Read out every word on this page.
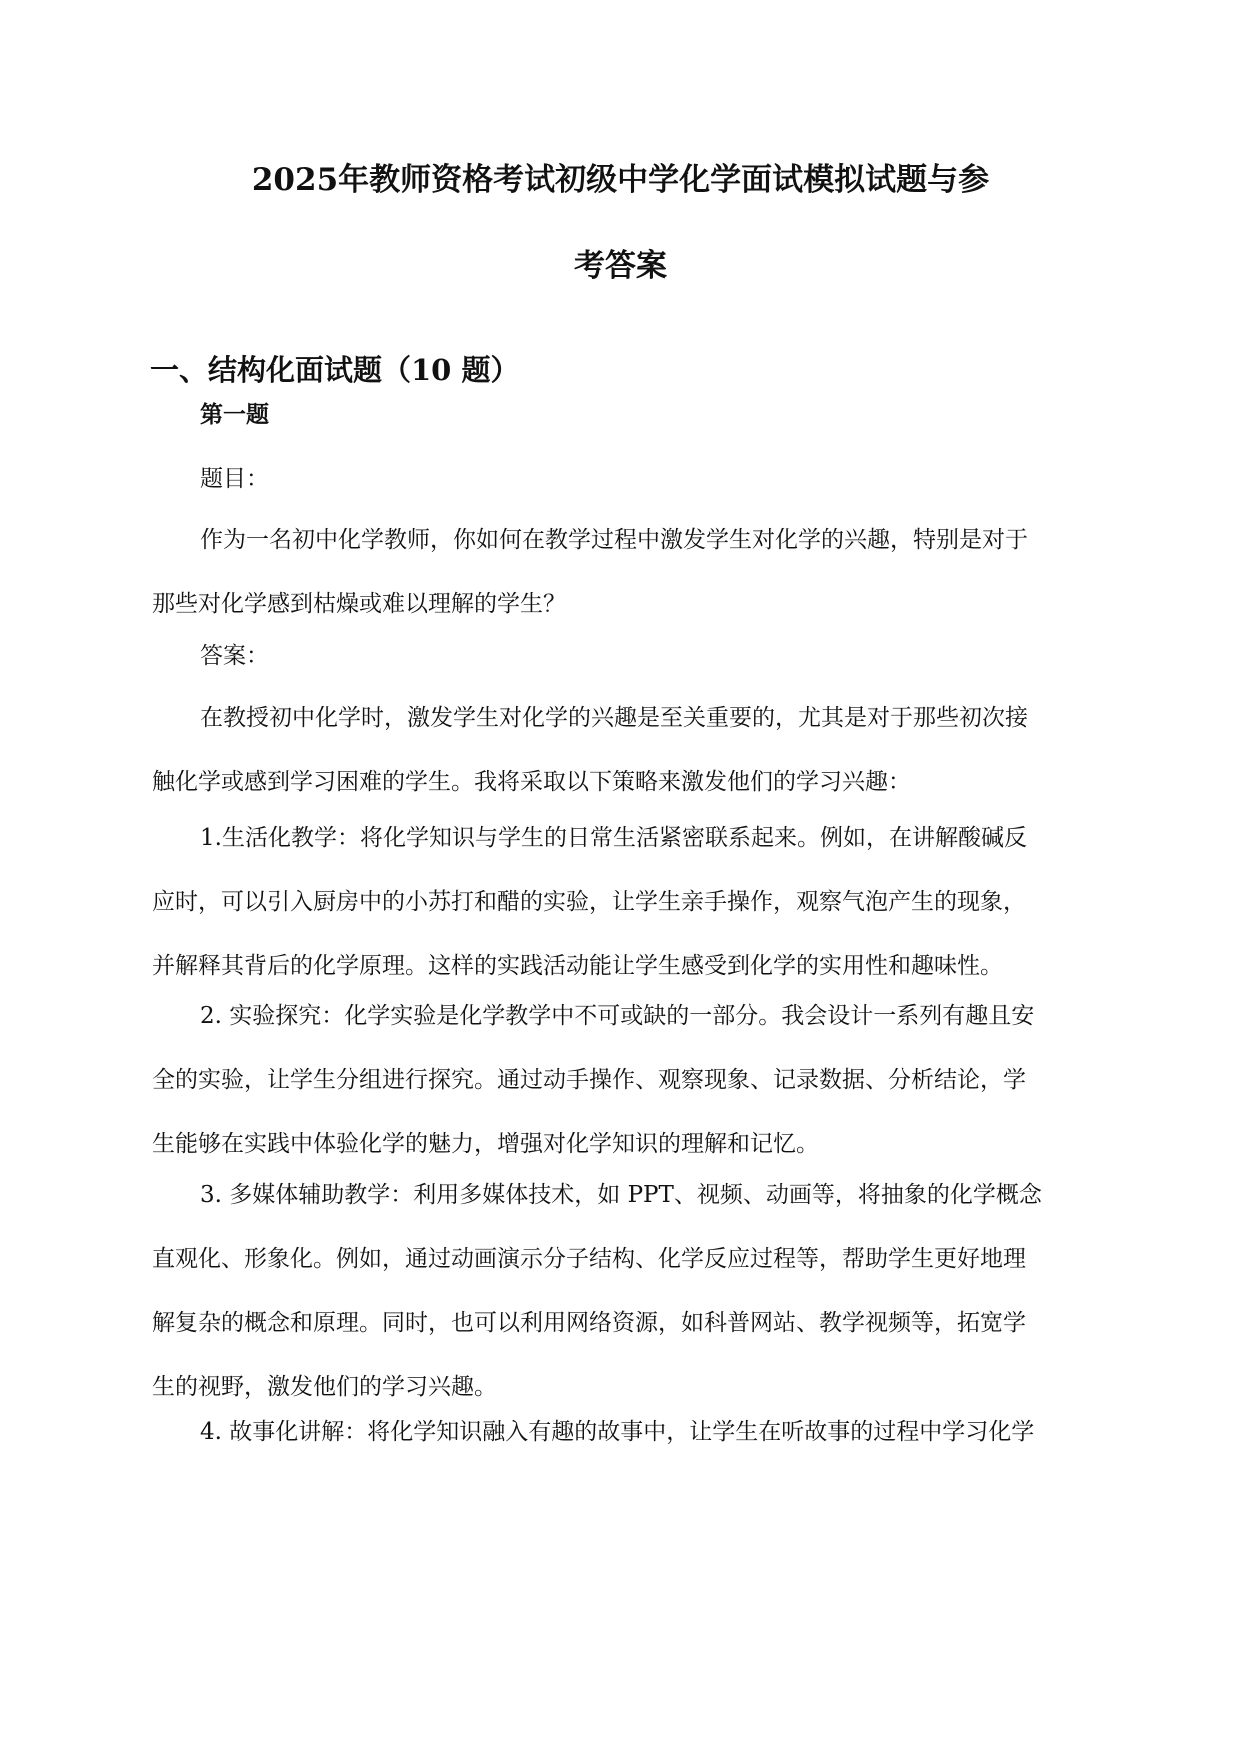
2025年教师资格考试初级中学化学面试模拟试题与参
考答案
一、结构化面试题（10 题）

第一题

题目：

作为一名初中化学教师，你如何在教学过程中激发学生对化学的兴趣，特别是对于
那些对化学感到枯燥或难以理解的学生？

答案：

在教授初中化学时，激发学生对化学的兴趣是至关重要的，尤其是对于那些初次接
触化学或感到学习困难的学生。我将采取以下策略来激发他们的学习兴趣：
1.生活化教学：将化学知识与学生的日常生活紧密联系起来。例如，在讲解酸碱反
应时，可以引入厨房中的小苏打和醋的实验，让学生亲手操作，观察气泡产生的现象，
并解释其背后的化学原理。这样的实践活动能让学生感受到化学的实用性和趣味性。
2. 实验探究：化学实验是化学教学中不可或缺的一部分。我会设计一系列有趣且安
全的实验，让学生分组进行探究。通过动手操作、观察现象、记录数据、分析结论，学
生能够在实践中体验化学的魅力，增强对化学知识的理解和记忆。
3. 多媒体辅助教学：利用多媒体技术，如 PPT、视频、动画等，将抽象的化学概念
直观化、形象化。例如，通过动画演示分子结构、化学反应过程等，帮助学生更好地理
解复杂的概念和原理。同时，也可以利用网络资源，如科普网站、教学视频等，拓宽学
生的视野，激发他们的学习兴趣。
4. 故事化讲解：将化学知识融入有趣的故事中，让学生在听故事的过程中学习化学
